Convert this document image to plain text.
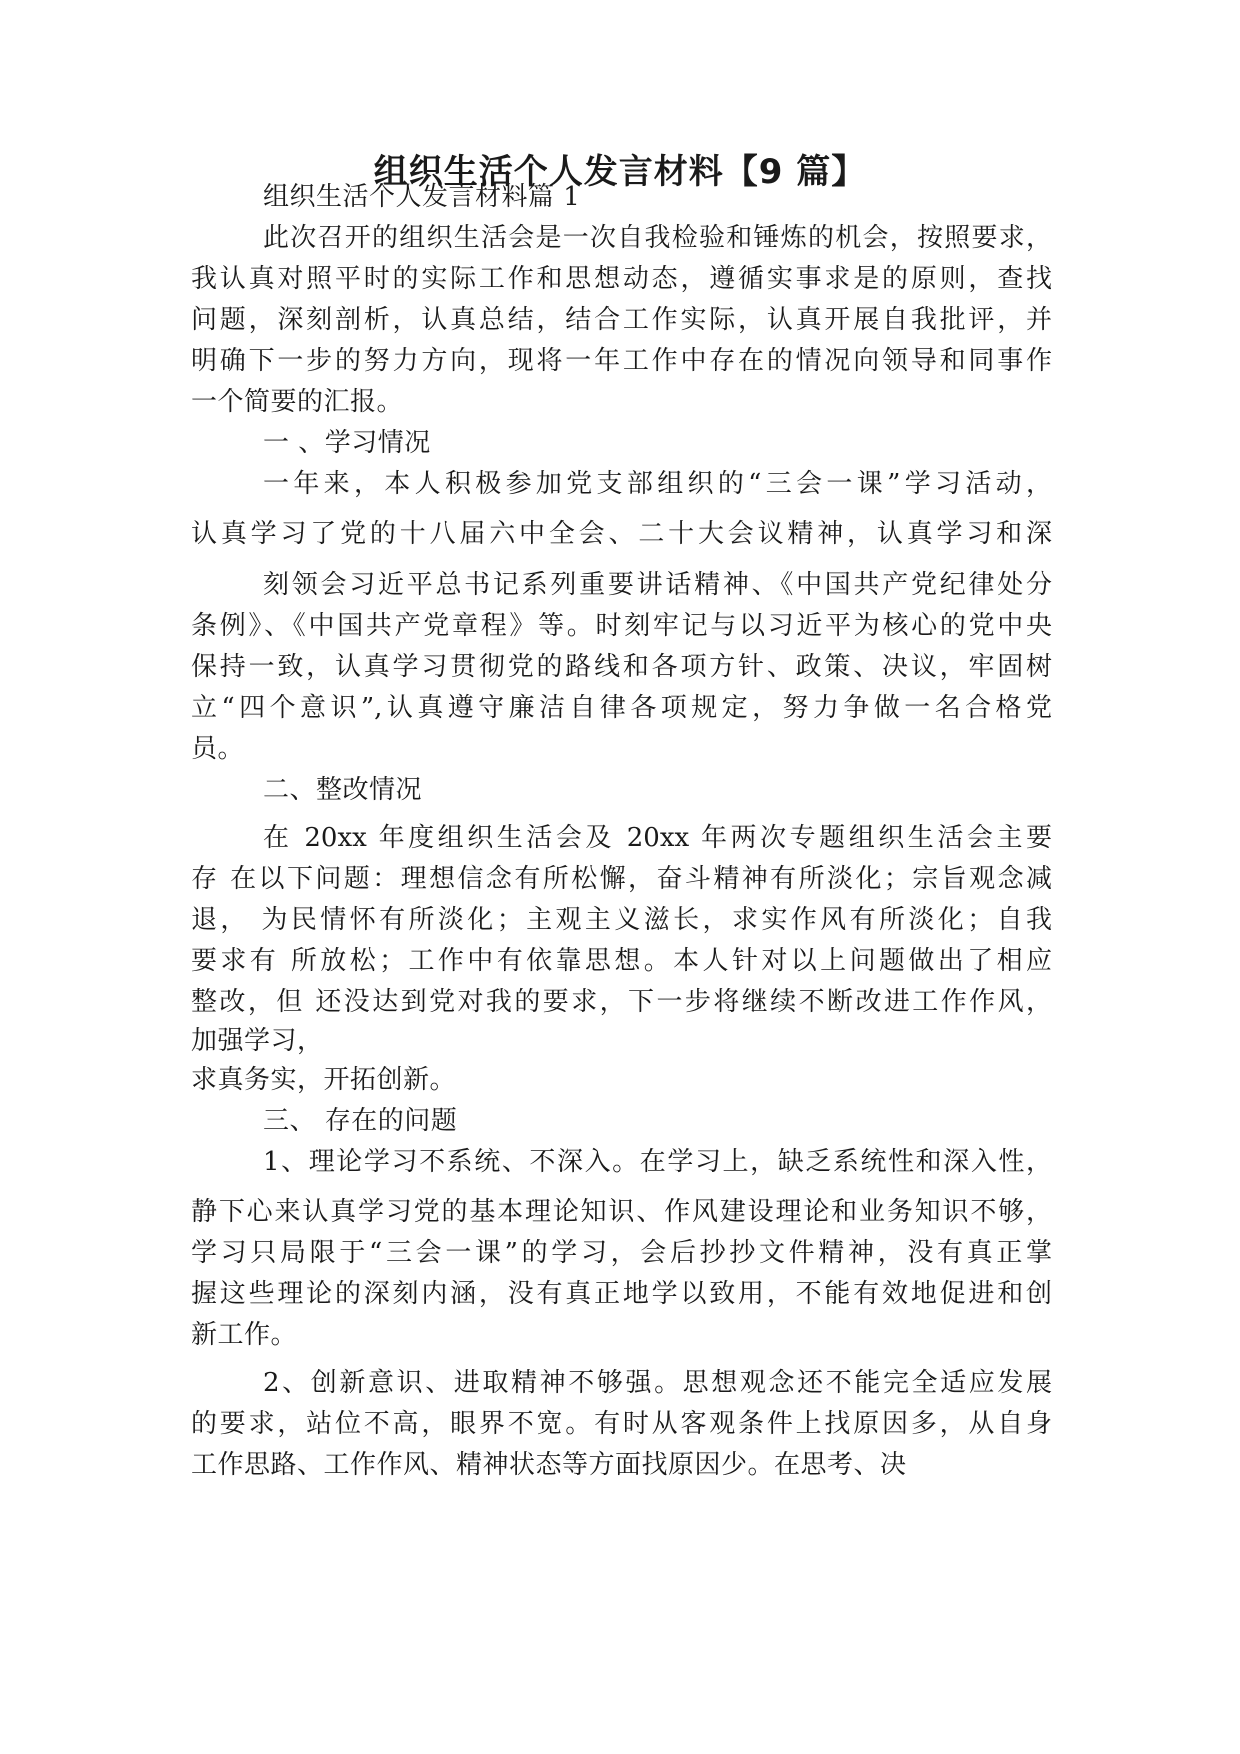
组织生活个人发言材料【9 篇】
组织生活个人发言材料篇 1
此次召开的组织生活会是一次自我检验和锤炼的机会，按照要求，
我认真对照平时的实际工作和思想动态，遵循实事求是的原则，查找
问题，深刻剖析，认真总结，结合工作实际，认真开展自我批评，并
明确下一步的努力方向，现将一年工作中存在的情况向领导和同事作
一个简要的汇报。
一 、学习情况
一年来，本人积极参加党支部组织的“三会一课”学习活动，
认真学习了党的十八届六中全会、二十大会议精神，认真学习和深
刻领会习近平总书记系列重要讲话精神、《中国共产党纪律处分
条例》、《中国共产党章程》等。时刻牢记与以习近平为核心的党中央
保持一致，认真学习贯彻党的路线和各项方针、政策、决议，牢固树
立“四个意识”,认真遵守廉洁自律各项规定，努力争做一名合格党
员。
二、整改情况
在 20xx 年度组织生活会及 20xx 年两次专题组织生活会主要
存 在以下问题：理想信念有所松懈，奋斗精神有所淡化；宗旨观念减
退， 为民情怀有所淡化；主观主义滋长，求实作风有所淡化；自我
要求有 所放松；工作中有依靠思想。本人针对以上问题做出了相应
整改，但 还没达到党对我的要求，下一步将继续不断改进工作作风，
加强学习，
求真务实，开拓创新。
三、 存在的问题
1、理论学习不系统、不深入。在学习上，缺乏系统性和深入性，
静下心来认真学习党的基本理论知识、作风建设理论和业务知识不够，
学习只局限于“三会一课”的学习，会后抄抄文件精神，没有真正掌
握这些理论的深刻内涵，没有真正地学以致用，不能有效地促进和创
新工作。
2、创新意识、进取精神不够强。思想观念还不能完全适应发展
的要求，站位不高，眼界不宽。有时从客观条件上找原因多，从自身
工作思路、工作作风、精神状态等方面找原因少。在思考、决
